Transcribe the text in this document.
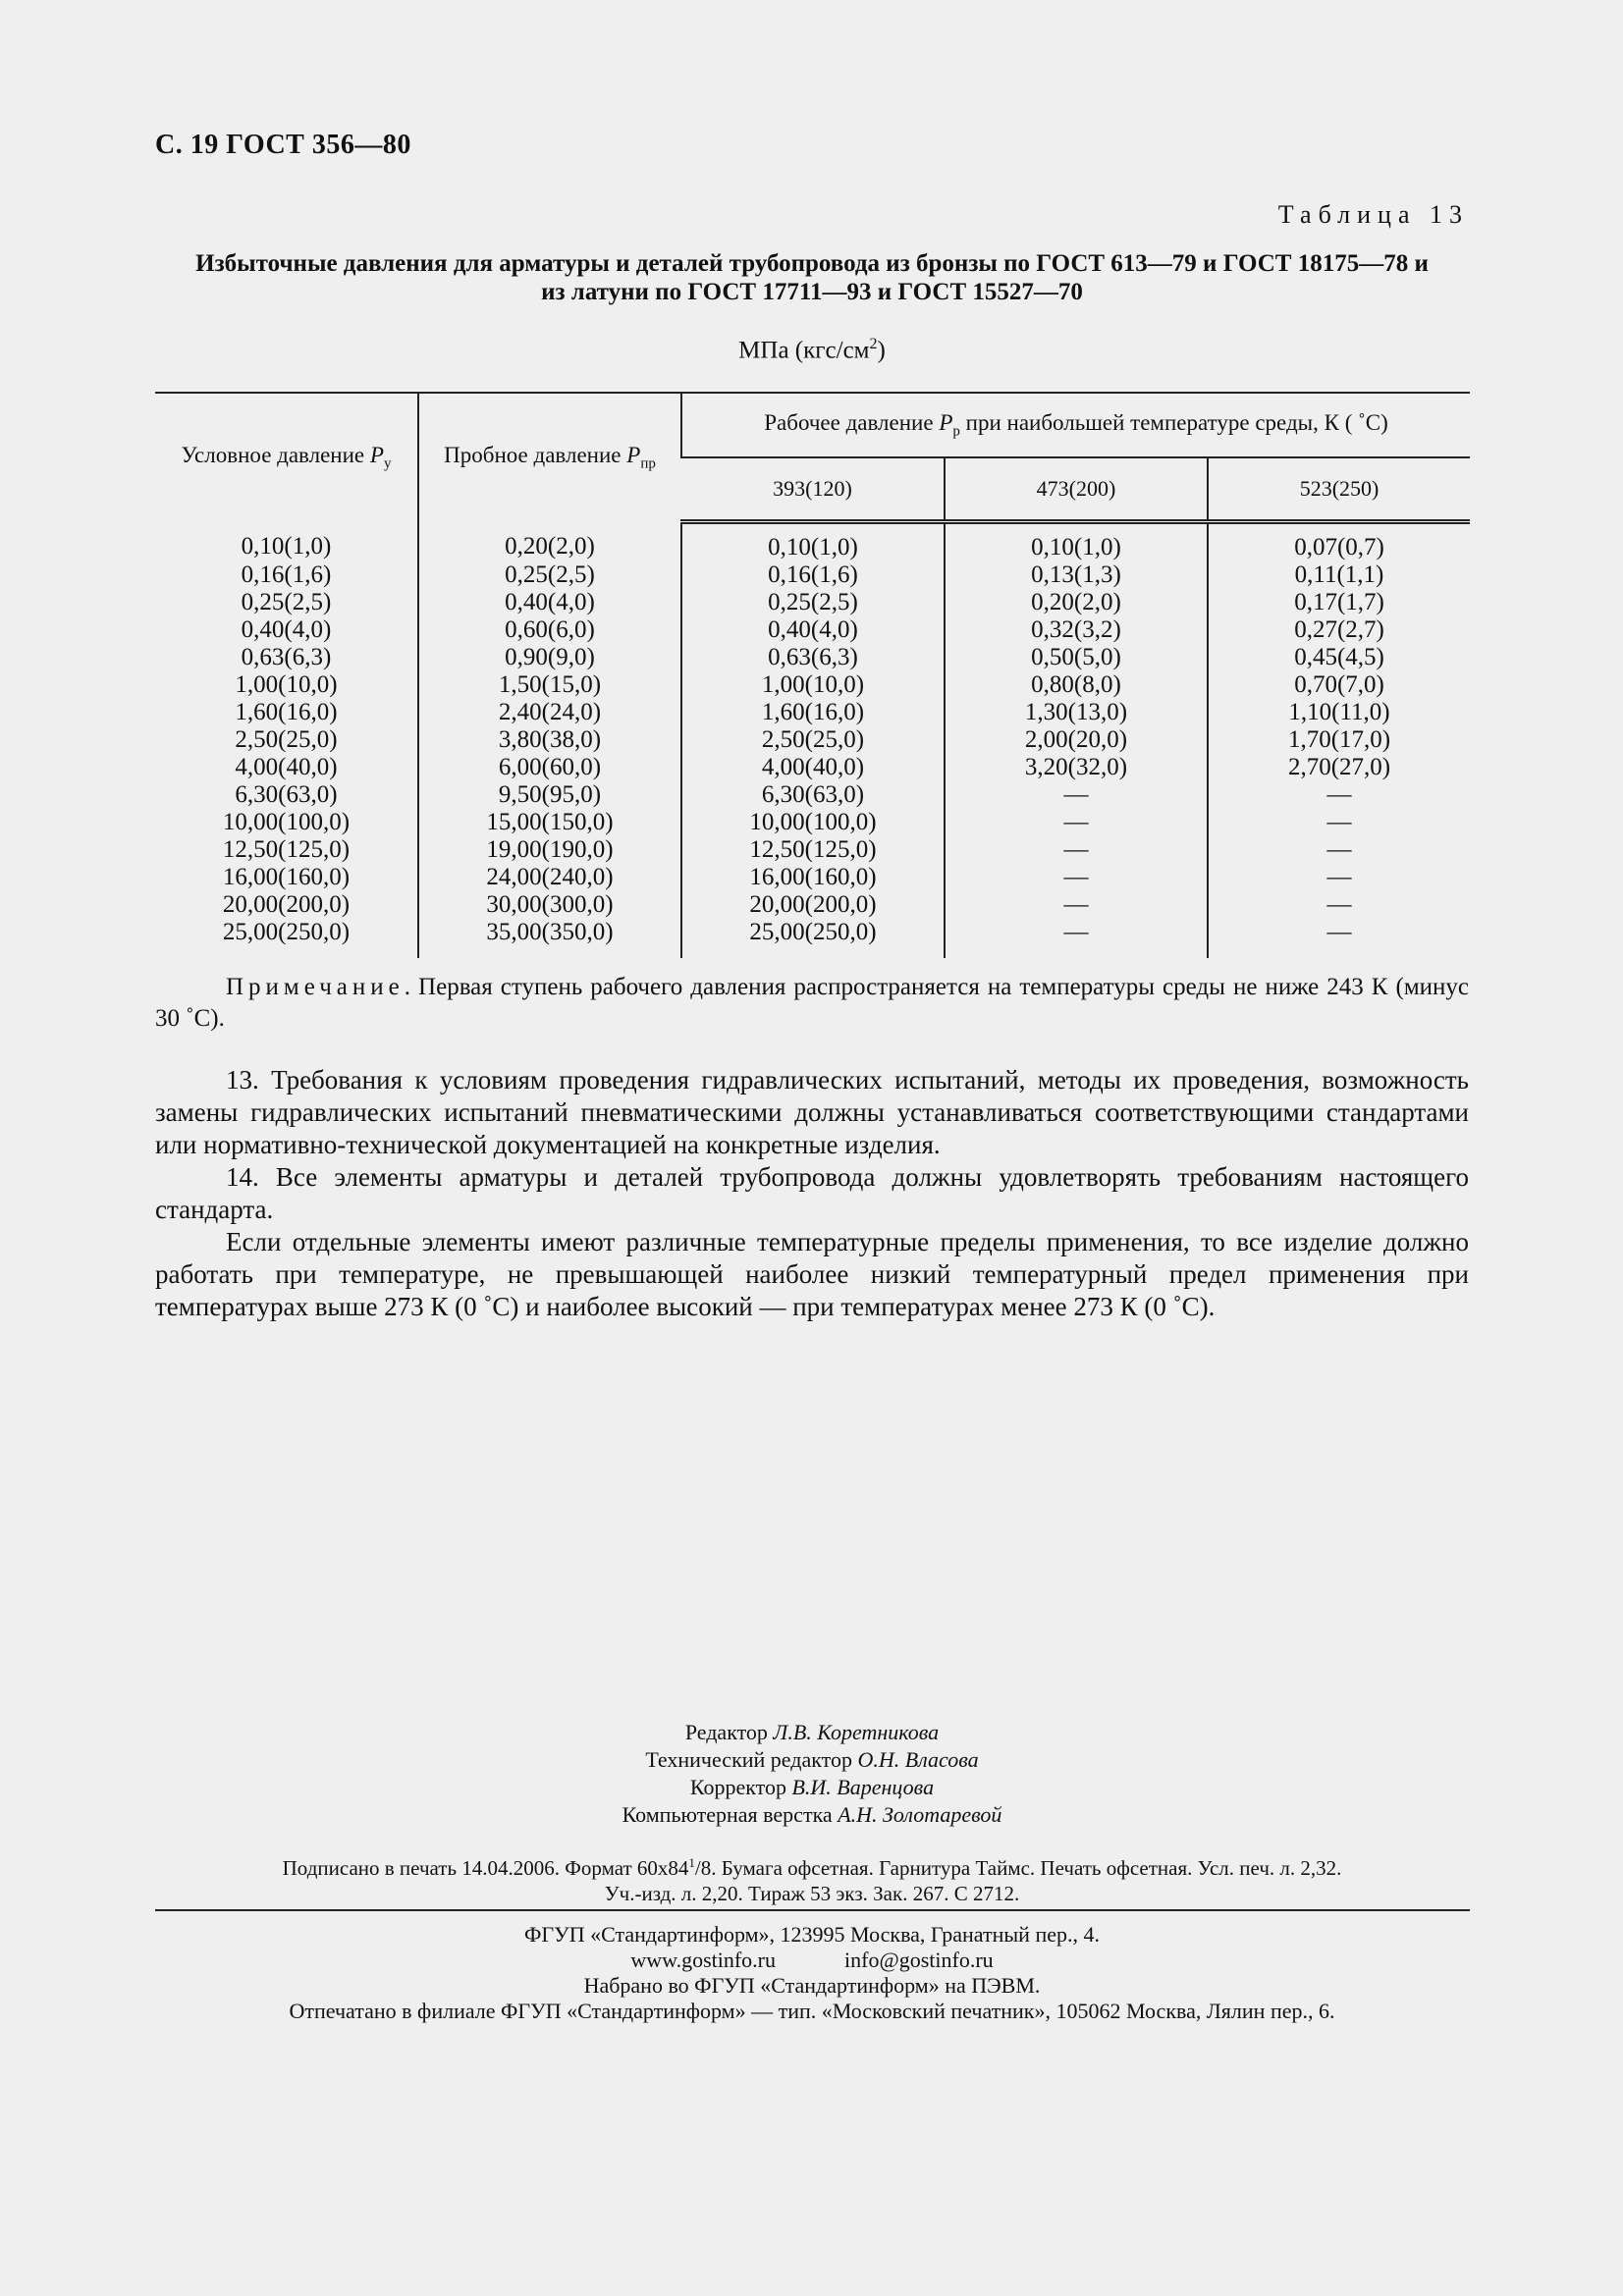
С. 19 ГОСТ 356—80
Таблица 13
Избыточные давления для арматуры и деталей трубопровода из бронзы по ГОСТ 613—79 и ГОСТ 18175—78 и
из латуни по ГОСТ 17711—93 и ГОСТ 15527—70
МПа $(кгс/см^2)$
Условное давление $P_у$	Пробное давление $P_{пр}$	Рабочее давление $P_р$ при наибольшей температуре среды, К ( ˚С)		
		393(120)	473(200)	523(250)
0,10(1,0)	0,20(2,0)	0,10(1,0)	0,10(1,0)	0,07(0,7)
0,16(1,6)	0,25(2,5)	0,16(1,6)	0,13(1,3)	0,11(1,1)
0,25(2,5)	0,40(4,0)	0,25(2,5)	0,20(2,0)	0,17(1,7)
0,40(4,0)	0,60(6,0)	0,40(4,0)	0,32(3,2)	0,27(2,7)
0,63(6,3)	0,90(9,0)	0,63(6,3)	0,50(5,0)	0,45(4,5)
1,00(10,0)	1,50(15,0)	1,00(10,0)	0,80(8,0)	0,70(7,0)
1,60(16,0)	2,40(24,0)	1,60(16,0)	1,30(13,0)	1,10(11,0)
2,50(25,0)	3,80(38,0)	2,50(25,0)	2,00(20,0)	1,70(17,0)
4,00(40,0)	6,00(60,0)	4,00(40,0)	3,20(32,0)	2,70(27,0)
6,30(63,0)	9,50(95,0)	6,30(63,0)	—	—
10,00(100,0)	15,00(150,0)	10,00(100,0)	—	—
12,50(125,0)	19,00(190,0)	12,50(125,0)	—	—
16,00(160,0)	24,00(240,0)	16,00(160,0)	—	—
20,00(200,0)	30,00(300,0)	20,00(200,0)	—	—
25,00(250,0)	35,00(350,0)	25,00(250,0)	—	—
Примечание. Первая ступень рабочего давления распространяется на температуры среды не ниже 243 К (минус 30 ˚С).

13. Требования к условиям проведения гидравлических испытаний, методы их проведения, возможность замены гидравлических испытаний пневматическими должны устанавливаться соответствующими стандартами или нормативно-технической документацией на конкретные изделия.

14. Все элементы арматуры и деталей трубопровода должны удовлетворять требованиям настоящего стандарта.

Если отдельные элементы имеют различные температурные пределы применения, то все изделие должно работать при температуре, не превышающей наиболее низкий температурный предел применения при температурах выше 273 К (0 ˚С) и наиболее высокий — при температурах менее 273 К (0 ˚С).

Редактор Л.В. Коретникова
Технический редактор О.Н. Власова
Корректор В.И. Варенцова
Компьютерная верстка А.Н. Золотаревой
Подписано в печать 14.04.2006. Формат $60х84^1/8$. Бумага офсетная. Гарнитура Таймс. Печать офсетная. Усл. печ. л. 2,32.
Уч.-изд. л. 2,20. Тираж 53 экз. Зак. 267. С 2712.
ФГУП «Стандартинформ», 123995 Москва, Гранатный пер., 4.
www.gostinfo.ru	info@gostinfo.ru
Набрано во ФГУП «Стандартинформ» на ПЭВМ.
Отпечатано в филиале ФГУП «Стандартинформ» — тип. «Московский печатник», 105062 Москва, Лялин пер., 6.
